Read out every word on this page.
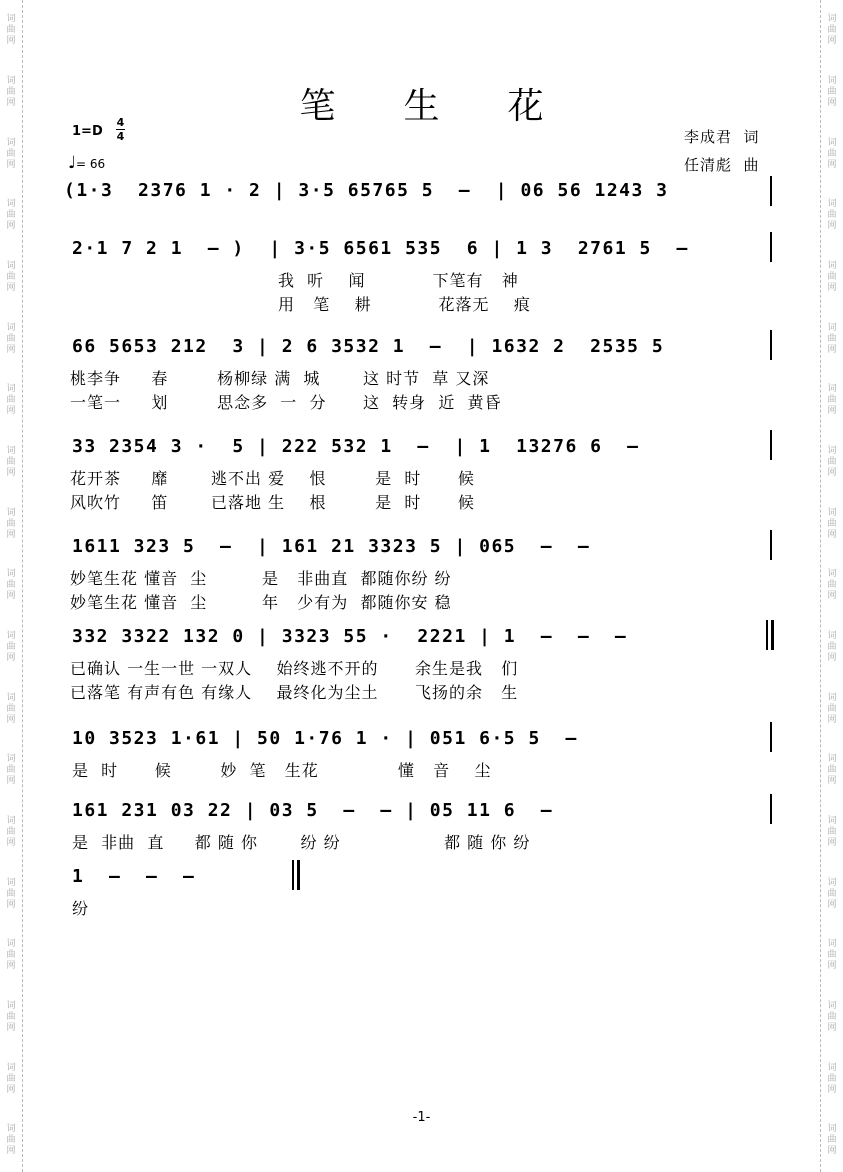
词曲网
词曲网
词曲网
词曲网
词曲网
词曲网
词曲网
词曲网
词曲网
词曲网
词曲网
词曲网
词曲网
词曲网
词曲网
词曲网
词曲网
词曲网
词曲网
词曲网
词曲网
词曲网
词曲网
词曲网
词曲网
词曲网
词曲网
词曲网
词曲网
词曲网
词曲网
词曲网
词曲网
词曲网
词曲网
词曲网
词曲网
词曲网
笔生花
1=D
4
4
♩= 66
李成君  词
任清彪  曲
(1·3  2376 1 · 2 | 3·5 65765 5  –  | 06 56 1243 3
2·1 7 2 1  – )  | 3·5 6561 535  6 | 1 3  2761 5  –
我  听    闻           下笔有   神
用   笔    耕           花落无    痕
66 5653 212  3 | 2 6 3532 1  –  | 1632 2  2535 5
桃李争     春        杨柳绿 满  城       这 时节  草 又深
一笔一     划        思念多  一  分      这  转身  近  黄昏
33 2354 3 ·  5 | 222 532 1  –  | 1  13276 6  –
花开茶     靡       逃不出 爱    恨        是  时      候
风吹竹     笛       已落地 生    根        是  时      候
1611 323 5  –  | 161 21 3323 5 | 065  –  –
妙笔生花 懂音  尘         是   非曲直  都随你纷 纷
妙笔生花 懂音  尘         年   少有为  都随你安 稳
332 3322 132 0 | 3323 55 ·  2221 | 1  –  –  –
已确认 一生一世 一双人    始终逃不开的      余生是我   们
已落笔 有声有色 有缘人    最终化为尘土      飞扬的余   生
10 3523 1·61 | 50 1·76 1 · | 051 6·5 5  –
是  时      候        妙  笔   生花             懂   音    尘
161 231 03 22 | 03 5  –  – | 05 11 6  –
是  非曲  直     都 随 你       纷 纷                 都 随 你 纷
1  –  –  –
纷
-1-
